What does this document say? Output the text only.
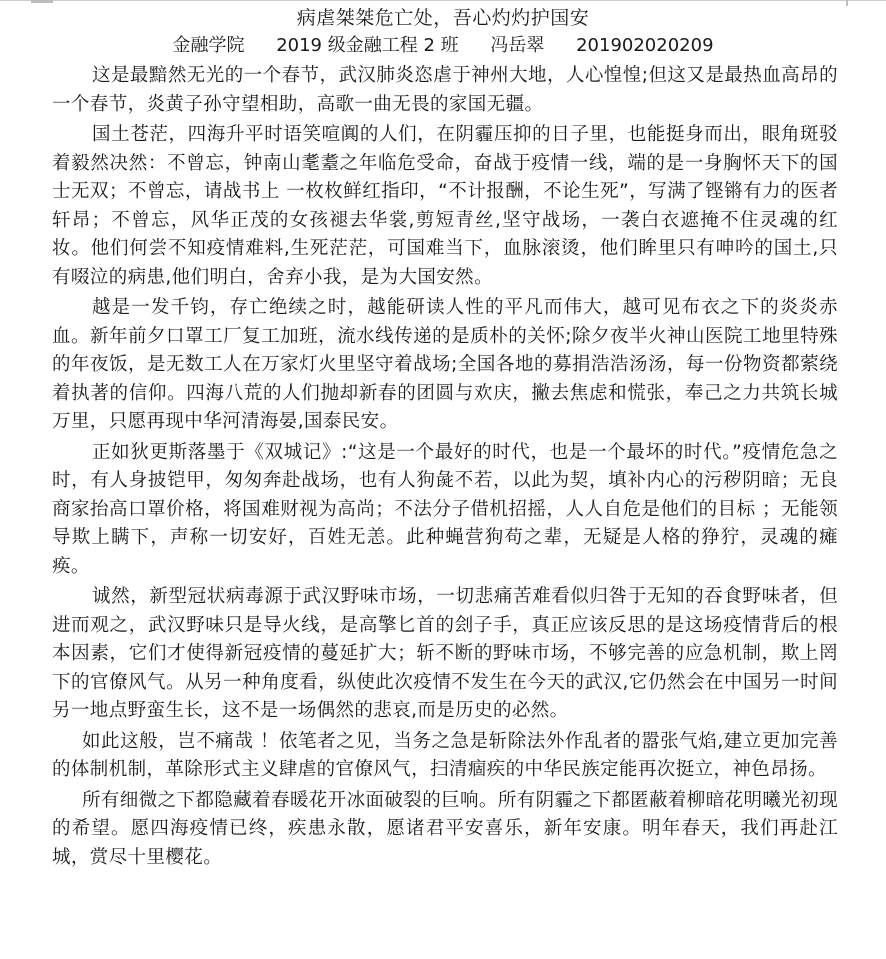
病虐桀桀危亡处，吾心灼灼护国安
金融学院 2019 级金融工程 2 班 冯岳翠 201902020209

这是最黯然无光的一个春节，武汉肺炎恣虐于神州大地，人心惶惶;但这又是最热血高昂的一个春节，炎黄子孙守望相助，高歌一曲无畏的家国无疆。

国土苍茫，四海升平时语笑喧阗的人们，在阴霾压抑的日子里，也能挺身而出，眼角斑驳着毅然决然：不曾忘，钟南山耄耋之年临危受命，奋战于疫情一线，端的是一身胸怀天下的国士无双；不曾忘，请战书上 一枚枚鲜红指印，“不计报酬，不论生死”，写满了铿锵有力的医者轩昂；不曾忘，风华正茂的女孩褪去华裳,剪短青丝,坚守战场，一袭白衣遮掩不住灵魂的红妆。他们何尝不知疫情难料,生死茫茫，可国难当下，血脉滚烫，他们眸里只有呻吟的国土,只有啜泣的病患,他们明白，舍弃小我，是为大国安然。

越是一发千钧，存亡绝续之时，越能研读人性的平凡而伟大，越可见布衣之下的炎炎赤血。新年前夕口罩工厂复工加班，流水线传递的是质朴的关怀;除夕夜半火神山医院工地里特殊的年夜饭，是无数工人在万家灯火里坚守着战场;全国各地的募捐浩浩汤汤，每一份物资都萦绕着执著的信仰。四海八荒的人们抛却新春的团圆与欢庆，撇去焦虑和慌张，奉己之力共筑长城万里，只愿再现中华河清海晏,国泰民安。

正如狄更斯落墨于《双城记》:“这是一个最好的时代，也是一个最坏的时代。”疫情危急之时，有人身披铠甲，匆匆奔赴战场，也有人狗彘不若，以此为契，填补内心的污秽阴暗；无良商家抬高口罩价格，将国难财视为高尚；不法分子借机招摇，人人自危是他们的目标 ；无能领导欺上瞒下，声称一切安好，百姓无恙。此种蝇营狗苟之辈，无疑是人格的狰狞，灵魂的瘫痪。

诚然，新型冠状病毒源于武汉野味市场，一切悲痛苦难看似归咎于无知的吞食野味者，但进而观之，武汉野味只是导火线，是高擎匕首的刽子手，真正应该反思的是这场疫情背后的根本因素，它们才使得新冠疫情的蔓延扩大；斩不断的野味市场，不够完善的应急机制，欺上罔下的官僚风气。从另一种角度看，纵使此次疫情不发生在今天的武汉,它仍然会在中国另一时间另一地点野蛮生长，这不是一场偶然的悲哀,而是历史的必然。

如此这般，岂不痛哉 ！依笔者之见，当务之急是斩除法外作乱者的嚣张气焰,建立更加完善的体制机制，革除形式主义肆虐的官僚风气，扫清痼疾的中华民族定能再次挺立，神色昂扬。

所有细微之下都隐藏着春暖花开冰面破裂的巨响。所有阴霾之下都匿蔽着柳暗花明曦光初现的希望。愿四海疫情已终，疾患永散，愿诸君平安喜乐，新年安康。明年春天，我们再赴江城，赏尽十里樱花。
